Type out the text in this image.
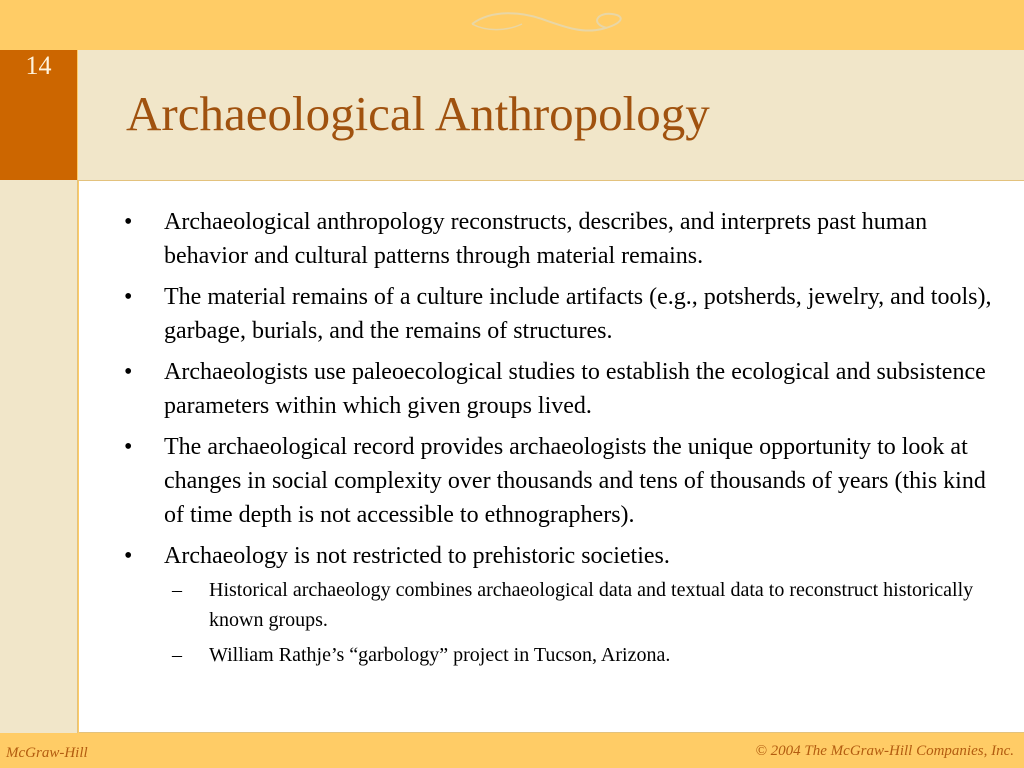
14
Archaeological Anthropology
• Archaeological anthropology reconstructs, describes, and interprets past human behavior and cultural patterns through material remains.
• The material remains of a culture include artifacts (e.g., potsherds, jewelry, and tools), garbage, burials, and the remains of structures.
• Archaeologists use paleoecological studies to establish the ecological and subsistence parameters within which given groups lived.
• The archaeological record provides archaeologists the unique opportunity to look at changes in social complexity over thousands and tens of thousands of years (this kind of time depth is not accessible to ethnographers).
• Archaeology is not restricted to prehistoric societies.
– Historical archaeology combines archaeological data and textual data to reconstruct historically known groups.
– William Rathje’s “garbology” project in Tucson, Arizona.
McGraw-Hill	© 2004 The McGraw-Hill Companies, Inc.
